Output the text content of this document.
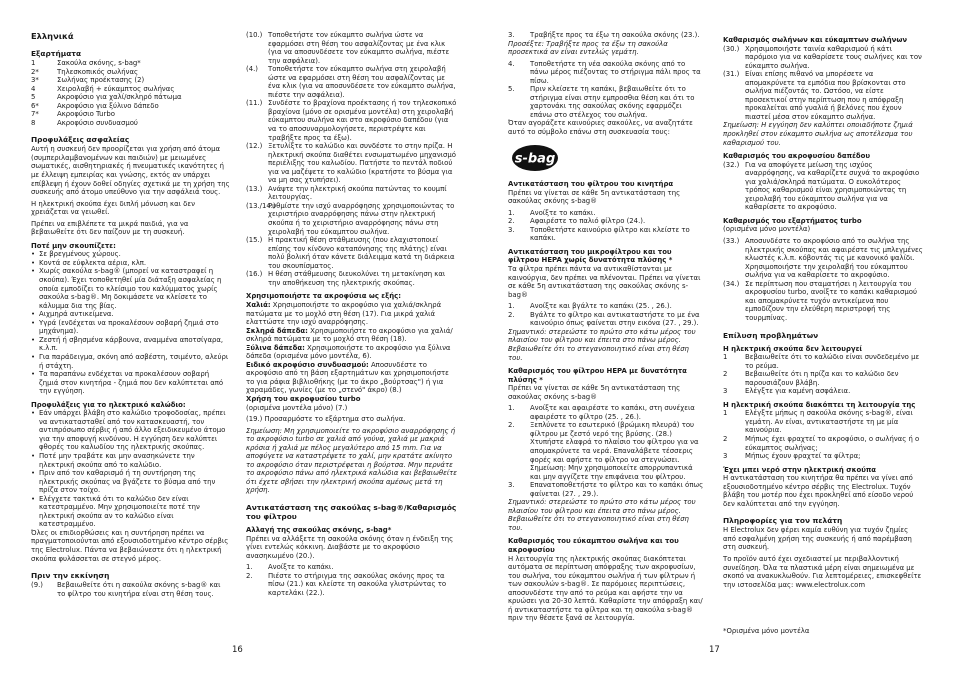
Ελληνικά
Εξαρτήματα
1	Σακούλα σκόνης, s-bag*
2*	Τηλεσκοπικός σωλήνας
3*	Σωλήνας προέκτασης (2)
4	Χειρολαβή + εύκαμπτος σωλήνας
5	Ακροφύσιο για χαλί/σκληρό πάτωμα
6*	Ακροφύσιο για ξύλινο δάπεδο
7*	Ακροφύσιο Turbo
8	Ακροφύσιο συνδυασμού
Προφυλάξεις ασφαλείας

Αυτή η συσκευή δεν προορίζεται για χρήση από άτομα (συμπεριλαμβανομένων και παιδιών) με μειωμένες σωματικές, αισθητηριακές ή πνευματικές ικανότητες ή με έλλειψη εμπειρίας και γνώσης, εκτός αν υπάρχει επίβλεψη ή έχουν δοθεί οδηγίες σχετικά με τη χρήση της συσκευής από άτομο υπεύθυνο για την ασφάλειά τους.

Η ηλεκτρική σκούπα έχει διπλή μόνωση και δεν χρειάζεται να γειωθεί.

Πρέπει να επιβλέπετε τα μικρά παιδιά, για να βεβαιωθείτε ότι δεν παίζουν με τη συσκευή.

Ποτέ μην σκουπίζετε:
• Σε βρεγμένους χώρους.
• Κοντά σε εύφλεκτα αέρια, κλπ.
• Χωρίς σακούλα s-bag® (μπορεί να καταστραφεί η σκούπα). Έχει τοποθετηθεί μία διάταξη ασφαλείας η οποία εμποδίζει το κλείσιμο του καλύμματος χωρίς σακούλα s-bag®. Μη δοκιμάσετε να κλείσετε το κάλυμμα δια της βίας.
• Αιχμηρά αντικείμενα.
• Υγρά (ενδέχεται να προκαλέσουν σοβαρή ζημιά στο μηχάνημα).
• Ζεστή ή σβησμένα κάρβουνα, αναμμένα αποτσίγαρα, κ.λ.π.
• Για παράδειγμα, σκόνη από ασβέστη, τσιμέντο, αλεύρι ή στάχτη.
• Τα παραπάνω ενδέχεται να προκαλέσουν σοβαρή ζημιά στον κινητήρα - ζημιά που δεν καλύπτεται από την εγγύηση.
Προφυλάξεις για το ηλεκτρικό καλώδιο:
• Εάν υπάρχει βλάβη στο καλώδιο τροφοδοσίας, πρέπει να αντικατασταθεί από τον κατασκευαστή, τον αντιπρόσωπο σέρβις ή από άλλο εξειδικευμένο άτομο για την αποφυγή κινδύνου. Η εγγύηση δεν καλύπτει φθορές του καλωδίου της ηλεκτρικής σκούπας.
• Ποτέ μην τραβάτε και μην ανασηκώνετε την ηλεκτρική σκούπα από το καλώδιο.
• Πριν από τον καθαρισμό ή τη συντήρηση της ηλεκτρικής σκούπας να βγάζετε το βύσμα από την πρίζα στον τοίχο.
• Ελέγχετε τακτικά ότι το καλώδιο δεν είναι κατεστραμμένο. Μην χρησιμοποιείτε ποτέ την ηλεκτρική σκούπα αν το καλώδιο είναι κατεστραμμένο.

Όλες οι επιδιορθώσεις και η συντήρηση πρέπει να πραγματοποιούνται από εξουσιοδοτημένο κέντρο σέρβις της Electrolux. Πάντα να βεβαιώνεστε ότι η ηλεκτρική σκούπα φυλάσσεται σε στεγνό μέρος.

Πριν την εκκίνηση
(9.)	Βεβαιωθείτε ότι η σακούλα σκόνης s-bag® και το φίλτρο του κινητήρα είναι στη θέση τους.
(10.) Τοποθετήστε τον εύκαμπτο σωλήνα ώστε να εφαρμόσει στη θέση του ασφαλίζοντας με ένα κλικ (για να αποσυνδέσετε τον εύκαμπτο σωλήνα, πιέστε την ασφάλεια).
(4.)	Τοποθετήστε τον εύκαμπτο σωλήνα στη χειρολαβή ώστε να εφαρμόσει στη θέση του ασφαλίζοντας με ένα κλικ (για να αποσυνδέσετε τον εύκαμπτο σωλήνα, πιέστε την ασφάλεια).
(11.) Συνδέστε το βραχίονα προέκτασης ή τον τηλεσκοπικό βραχίονα (μόνο σε ορισμένα μοντέλα) στη χειρολαβή εύκαμπτου σωλήνα και στο ακροφύσιο δαπέδου (για να το αποσυναρμολογήσετε, περιστρέψτε και τραβήξτε προς τα έξω).
(12.) Ξετυλίξτε το καλώδιο και συνδέστε το στην πρίζα. Η ηλεκτρική σκούπα διαθέτει ενσωματωμένο μηχανισμό περιέλιξης του καλωδίου. Πατήστε το πεντάλ ποδιού για να μαζέψετε το καλώδιο (κρατήστε το βύσμα για να μη σας χτυπήσει).
(13.) Ανάψτε την ηλεκτρική σκούπα πατώντας το κουμπί λειτουργίας.
(13./14.)
Ρυθμίστε την ισχύ αναρρόφησης χρησιμοποιώντας το χειριστήριο αναρρόφησης πάνω στην ηλεκτρική σκούπα ή το χειριστήριο αναρρόφησης πάνω στη χειρολαβή του εύκαμπτου σωλήνα.
(15.) Η πρακτική θέση στάθμευσης (που ελαχιστοποιεί επίσης τον κίνδυνο καταπόνησης της πλάτης) είναι πολύ βολική όταν κάνετε διάλειμμα κατά τη διάρκεια του σκουπίσματος.
(16.) Η θέση στάθμευσης διευκολύνει τη μετακίνηση και την αποθήκευση της ηλεκτρικής σκούπας.
Χρησιμοποιήστε τα ακροφύσια ως εξής:

Χαλιά: Χρησιμοποιήστε το ακροφύσιο για χαλιά/σκληρά πατώματα με το μοχλό στη θέση (17). Για μικρά χαλιά ελαττώστε την ισχύ αναρρόφησης.

Σκληρά δάπεδα: Χρησιμοποιήστε το ακροφύσιο για χαλιά/σκληρά πατώματα με το μοχλό στη θέση (18).

Ξύλινα δάπεδα: Χρησιμοποιήστε το ακροφύσιο για ξύλινα δάπεδα (ορισμένα μόνο μοντέλα, 6).

Ειδικό ακροφύσιο συνδυασμού: Αποσυνδέστε το ακροφύσιο από τη βάση εξαρτημάτων και χρησιμοποιήστε το για ράφια βιβλιοθήκης (με το άκρο „βούρτσας") ή για χαραμάδες, γωνίες (με το „στενό" άκρο) (8.)

Χρήση του ακροφυσίου turbo

(ορισμένα μοντέλα μόνο) (7.)

(19.) Προσαρμόστε το εξάρτημα στο σωλήνα.

Σημείωση: Μη χρησιμοποιείτε το ακροφύσιο αναρρόφησης ή το ακροφύσιο turbo σε χαλιά από γούνα, χαλιά με μακριά κρόσια ή χαλιά με πέλος μεγαλύτερο από 15 mm. Για να αποφύγετε να καταστρέψετε το χαλί, μην κρατάτε ακίνητο το ακροφύσιο όταν περιστρέφεται η βούρτσα. Μην περνάτε το ακροφύσιο πάνω από ηλεκτρικά καλώδια και βεβαιωθείτε ότι έχετε σβήσει την ηλεκτρική σκούπα αμέσως μετά τη χρήση.

Αντικατάσταση της σακούλας s-bag®/Καθαρισμός του φίλτρου
Αλλαγή της σακούλας σκόνης, s-bag*

Πρέπει να αλλάξετε τη σακούλα σκόνης όταν η ένδειξη της γίνει εντελώς κόκκινη. Διαβάστε με το ακροφύσιο ανασηκωμένο (20.).

1.	Ανοίξτε το καπάκι.
2.	Πιέστε το στήριγμα της σακούλας σκόνης προς τα πίσω (21.) και κλείστε τη σακούλα γλιστρώντας το καρτελάκι (22.).
3.	Τραβήξτε προς τα έξω τη σακούλα σκόνης (23.).

Προσέξτε: Τραβήξτε προς τα έξω τη σακούλα προσεκτικά αν είναι εντελώς γεμάτη.

4.	Τοποθετήστε τη νέα σακούλα σκόνης από το πάνω μέρος πιέζοντας το στήριγμα πάλι προς τα πίσω.
5.	Πριν κλείσετε τη καπάκι, βεβαιωθείτε ότι το στήριγμα είναι στην εμπροσθια θέση και ότι το χαρτονάκι της σακούλας σκόνης εφαρμόζει επάνω στο στέλεχος του σωλήνα.

Όταν αγοράζετε καινούριες σακούλες, να αναζητάτε αυτό το σύμβολο επάνω στη συσκευασία τους:

s-bag
Αντικατάσταση του φίλτρου του κινητήρα

Πρέπει να γίνεται σε κάθε 5η αντικατάσταση της σακούλας σκόνης s-bag®

1.	Ανοίξτε το καπάκι.
2.	Αφαιρέστε το παλιό φίλτρο (24.).
3.	Τοποθετήστε καινούριο φίλτρο και κλείστε το καπάκι.
Αντικατάσταση του μικροφίλτρου και του φίλτρου HEPA χωρίς δυνατότητα πλύσης *

Τα φίλτρα πρέπει πάντα να αντικαθίστανται με καινούργια, δεν πρέπει να πλένονται. Πρέπει να γίνεται σε κάθε 5η αντικατάσταση της σακούλας σκόνης s-bag®

1.	Ανοίξτε και βγάλτε το καπάκι (25. , 26.).
2.	Βγάλτε το φίλτρο και αντικαταστήστε το με ένα καινούριο όπως φαίνεται στην εικόνα (27. , 29.).

Σημαντικό: στερεώστε το πρώτο στο κάτω μέρος του πλαισίου του φίλτρου και έπειτα στο πάνω μέρος. Βεβαιωθείτε ότι το στεγανοποιητικό είναι στη θέση του.

Καθαρισμός του φίλτρου HEPA με δυνατότητα πλύσης *

Πρέπει να γίνεται σε κάθε 5η αντικατάσταση της σακούλας σκόνης s-bag®

1.	Ανοίξτε και αφαιρέστε το καπάκι, στη συνέχεια αφαιρέστε το φίλτρο (25. , 26.).
2.	Ξεπλύνετε το εσωτερικό (βρώμικη πλευρά) του φίλτρου με ζεστό νερό της βρύσης. (28.) Χτυπήστε ελαφρά το πλαίσιο του φίλτρου για να απομακρύνετε τα νερά. Επαναλάβετε τέσσερις φορές και αφήστε το φίλτρο να στεγνώσει. Σημείωση: Μην χρησιμοποιείτε απορρυπαντικά και μην αγγίζετε την επιφάνεια του φίλτρου.
3.	Επανατοποθετήστε το φίλτρο και το καπάκι όπως φαίνεται (27. , 29.).

Σημαντικό: στερεώστε το πρώτο στο κάτω μέρος του πλαισίου του φίλτρου και έπειτα στο πάνω μέρος. Βεβαιωθείτε ότι το στεγανοποιητικό είναι στη θέση του.

Καθαρισμός του εύκαμπτου σωλήνα και του ακροφυσίου

Η λειτουργία της ηλεκτρικής σκούπας διακόπτεται αυτόματα σε περίπτωση απόφραξης των ακροφυσίων, του σωλήνα, του εύκαμπτου σωλήνα ή των φίλτρων ή των σακουλών s-bag®. Σε παρόμοιες περιπτώσεις, αποσυνδέστε την από το ρεύμα και αφήστε την να κρυώσει για 20-30 λεπτά. Καθαρίστε την απόφραξη και/ή αντικαταστήστε τα φίλτρα και τη σακούλα s-bag® πριν την θέσετε ξανά σε λειτουργία.

Καθαρισμός σωλήνων και εύκαμπτων σωλήνων
(30.) Χρησιμοποιήστε ταινία καθαρισμού ή κάτι παρόμοιο για να καθαρίσετε τους σωλήνες και τον εύκαμπτο σωλήνα.
(31.) Είναι επίσης πιθανό να μπορέσετε να απομακρύνετε τα εμπόδια που βρίσκονται στο σωλήνα πιέζοντάς το. Ωστόσο, να είστε προσεκτικοί στην περίπτωση που η απόφραξη προκαλείται από γυαλιά ή βελόνες που έχουν πιαστεί μέσα στον εύκαμπτο σωλήνα.

Σημείωση: Η εγγύηση δεν καλύπτει οποιαδήποτε ζημιά προκληθεί στον εύκαμπτο σωλήνα ως αποτέλεσμα του καθαρισμού του.

Καθαρισμός του ακροφυσίου δαπέδου
(32.) Για να αποφύγετε μείωση της ισχύος αναρρόφησης, να καθαρίζετε συχνά το ακροφύσιο για χαλιά/σκληρά πατώματα. Ο ευκολότερος τρόπος καθαρισμού είναι χρησιμοποιώντας τη χειρολαβή του εύκαμπτου σωλήνα για να καθαρίσετε το ακροφύσιο.
Καθαρισμός του εξαρτήματος turbo

(ορισμένα μόνο μοντέλα)

(33.) Αποσυνδέστε το ακροφύσιο από το σωλήνα της ηλεκτρικής σκούπας και αφαιρέστε τις μπλεγμένες κλωστές κ.λ.π. κόβοντάς τις με κανονικό ψαλίδι. Χρησιμοποιήστε την χειρολαβή του εύκαμπτου σωλήνα για να καθαρίσετε το ακροφύσιο.
(34.) Σε περίπτωση που σταματήσει η λειτουργία του ακροφυσίου turbo, ανοίξτε το καπάκι καθαρισμού και απομακρύνετε τυχόν αντικείμενα που εμποδίζουν την ελεύθερη περιστροφή της τουρμπίνας.
Επίλυση προβλημάτων
Η ηλεκτρική σκούπα δεν λειτουργεί
1	Βεβαιωθείτε ότι το καλώδιο είναι συνδεδεμένο με το ρεύμα.
2	Βεβαιωθείτε ότι η πρίζα και το καλώδιο δεν παρουσιάζουν βλάβη.
3	Ελέγξτε για καμένη ασφάλεια.
Η ηλεκτρική σκούπα διακόπτει τη λειτουργία της
1	Ελέγξτε μήπως η σακούλα σκόνης s-bag®, είναι γεμάτη. Αν είναι, αντικαταστήστε τη με μία καινούρια.
2	Μήπως έχει φραχτεί το ακροφύσιο, ο σωλήνας ή ο εύκαμπτος σωλήνας;
3	Μήπως έχουν φραχτεί τα φίλτρα;
Έχει μπει νερό στην ηλεκτρική σκούπα

Η αντικατάσταση του κινητήρα θα πρέπει να γίνει από εξουσιοδοτημένο κέντρο σέρβις της Electrolux. Τυχόν βλάβη του μοτέρ που έχει προκληθεί από είσοδο νερού δεν καλύπτεται από την εγγύηση.

Πληροφορίες για τον πελάτη

Η Electrolux δεν φέρει καμία ευθύνη για τυχόν ζημίες από εσφαλμένη χρήση της συσκευής ή από παρέμβαση στη συσκευή.

Το προϊόν αυτό έχει σχεδιαστεί με περιβαλλοντική συνείδηση. Όλα τα πλαστικά μέρη είναι σημειωμένα με σκοπό να ανακυκλωθούν. Για λεπτομέρειες, επισκεφθείτε την ιστοσελίδα μας: www.electrolux.com

*Ορισμένα μόνο μοντέλα
16	17
